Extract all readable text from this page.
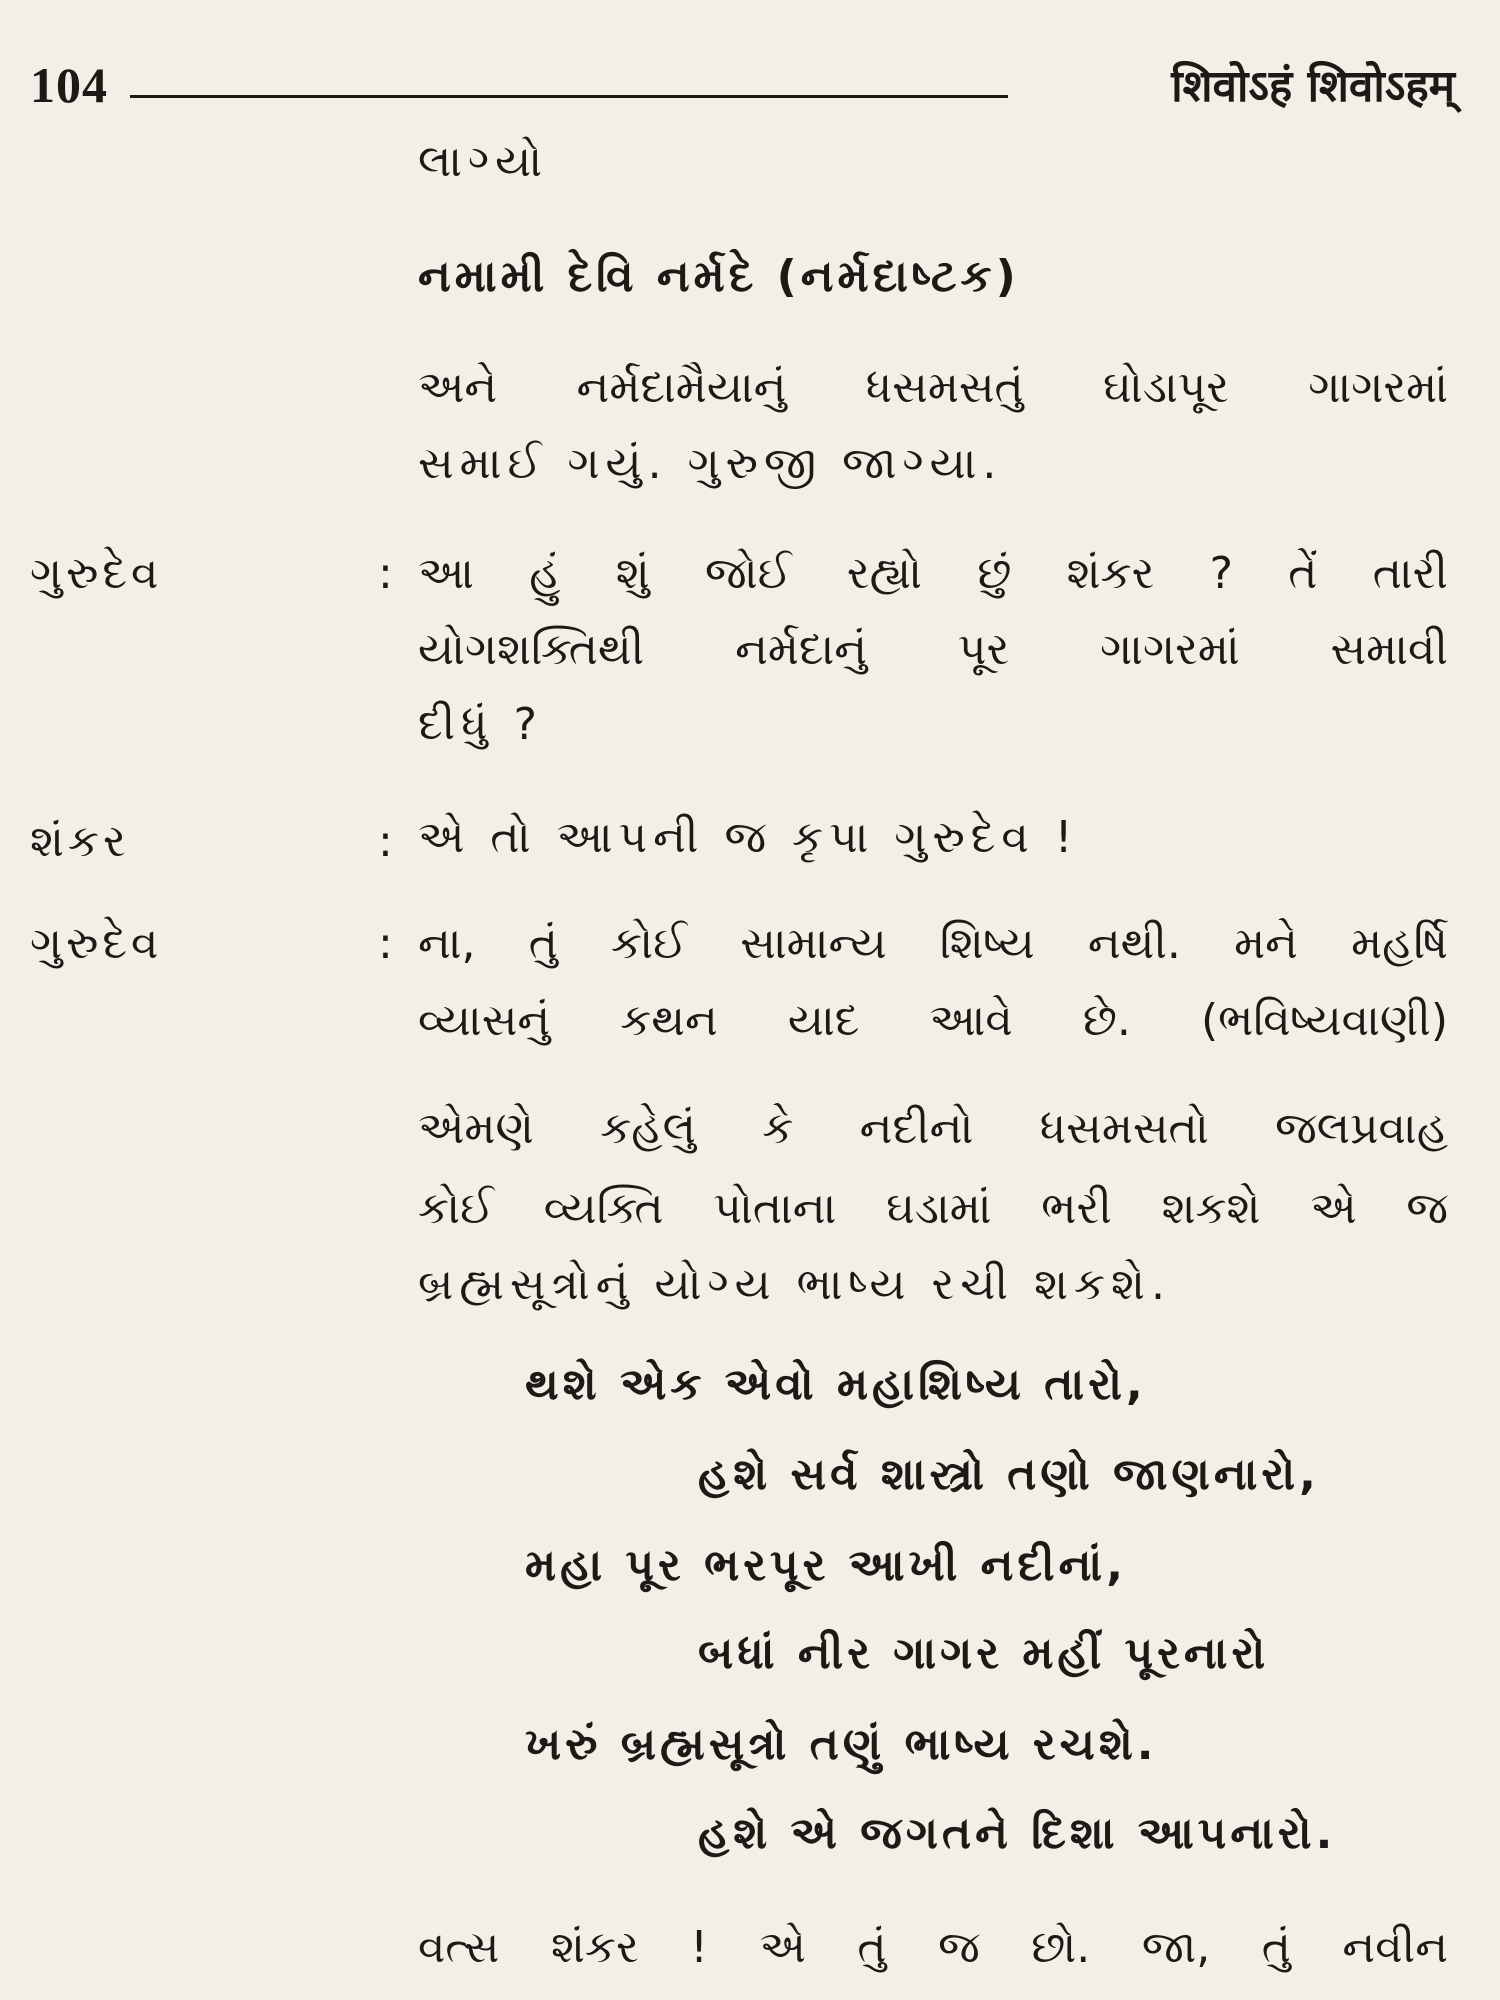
104	शिवोऽहं शिवोऽहम्
લાગ્યો
નમામી દેવિ નર્મદે (નર્મદાષ્ટક)
અને નર્મદામૈયાનું ધસમસતું ઘોડાપૂર ગાગરમાં
સમાઈ ગયું. ગુરુજી જાગ્યા.
ગુરુદેવ	: આ હું શું જોઈ રહ્યો છું શંકર ? તેં તારી
યોગશક્તિથી નર્મદાનું પૂર ગાગરમાં સમાવી
દીધું ?
શંકર	: એ તો આપની જ કૃપા ગુરુદેવ !
ગુરુદેવ	: ના, તું કોઈ સામાન્ય શિષ્ય નથી. મને મહર્ષિ
વ્યાસનું કથન યાદ આવે છે. (ભવિષ્યવાણી)
એમણે કહેલું કે નદીનો ધસમસતો જલપ્રવાહ
કોઈ વ્યક્તિ પોતાના ઘડામાં ભરી શકશે એ જ
બ્રહ્મસૂત્રોનું યોગ્ય ભાષ્ય રચી શકશે.
થશે એક એવો મહાશિષ્ય તારો,
હશે સર્વ શાસ્ત્રો તણો જાણનારો,
મહા પૂર ભરપૂર આખી નદીનાં,
બધાં નીર ગાગર મહીં પૂરનારો
ખરું બ્રહ્મસૂત્રો તણું ભાષ્ય રચશે.
હશે એ જગતને દિશા આપનારો.
વત્સ શંકર ! એ તું જ છો. જા, તું નવીન
